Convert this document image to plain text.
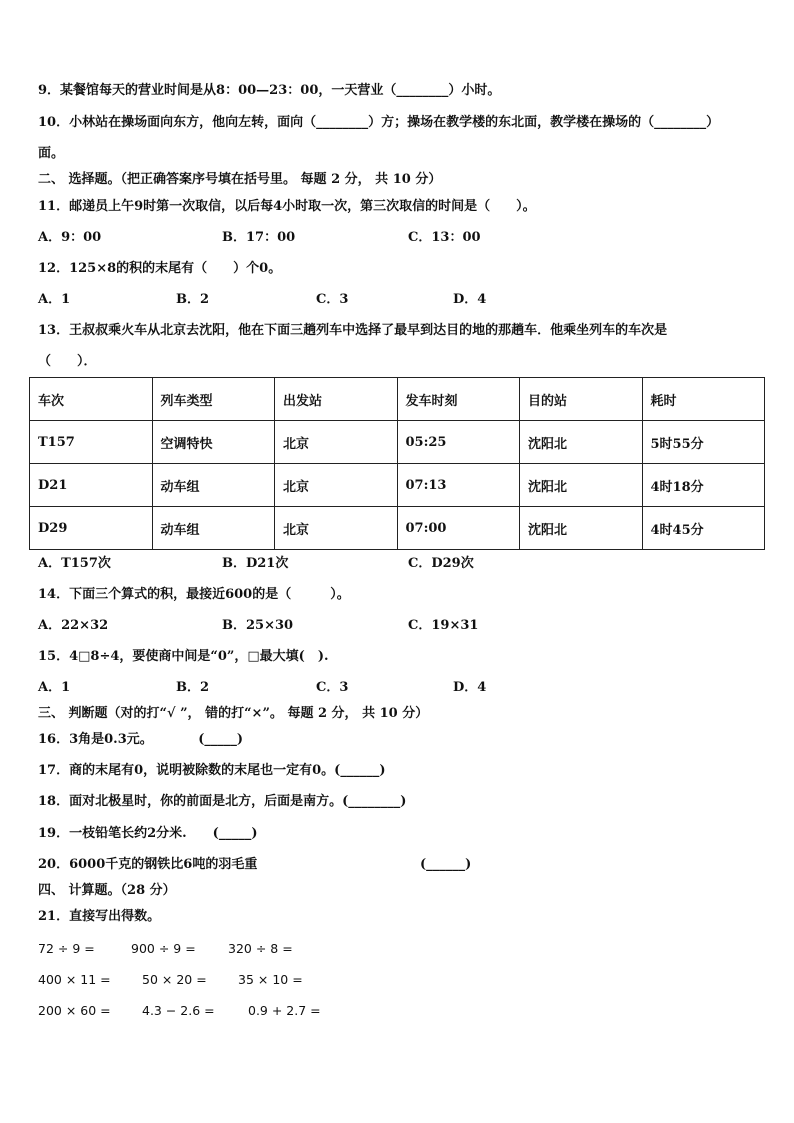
9．某餐馆每天的营业时间是从8：00—23：00，一天营业（________）小时。
10．小林站在操场面向东方，他向左转，面向（________）方；操场在教学楼的东北面，教学楼在操场的（________）
面。
二、 选择题。（把正确答案序号填在括号里。 每题 2 分， 共 10 分）
11．邮递员上午9时第一次取信，以后每4小时取一次，第三次取信的时间是（　　）。
A．9：00	B．17：00	C．13：00
12．125×8的积的末尾有（　　）个0。
A．1	B．2	C．3	D．4
13．王叔叔乘火车从北京去沈阳，他在下面三趟列车中选择了最早到达目的地的那趟车．他乘坐列车的车次是
（　　）．
车次	列车类型	出发站	发车时刻	目的站	耗时
T157	空调特快	北京	05:25	沈阳北	5时55分
D21	动车组	北京	07:13	沈阳北	4时18分
D29	动车组	北京	07:00	沈阳北	4时45分
A．T157次	B．D21次	C．D29次
14．下面三个算式的积，最接近600的是（　　　）。
A．22×32	B．25×30	C．19×31
15．4□8÷4，要使商中间是“0”，□最大填(　).
A．1	B．2	C．3	D．4
三、 判断题（对的打“√ ”， 错的打“×”。 每题 2 分， 共 10 分）
16．3角是0.3元。　　　　(_____)
17．商的末尾有0，说明被除数的末尾也一定有0。(______)
18．面对北极星时，你的前面是北方，后面是南方。(________)
19．一枝铅笔长约2分米.　　(_____)
20．6000千克的钢铁比6吨的羽毛重	(______)
四、 计算题。（28 分）
21．直接写出得数。
72 ÷ 9 =	900 ÷ 9 =	320 ÷ 8 =
400 × 11 =	50 × 20 =	35 × 10 =
200 × 60 =	4.3 − 2.6 =	0.9 + 2.7 =
